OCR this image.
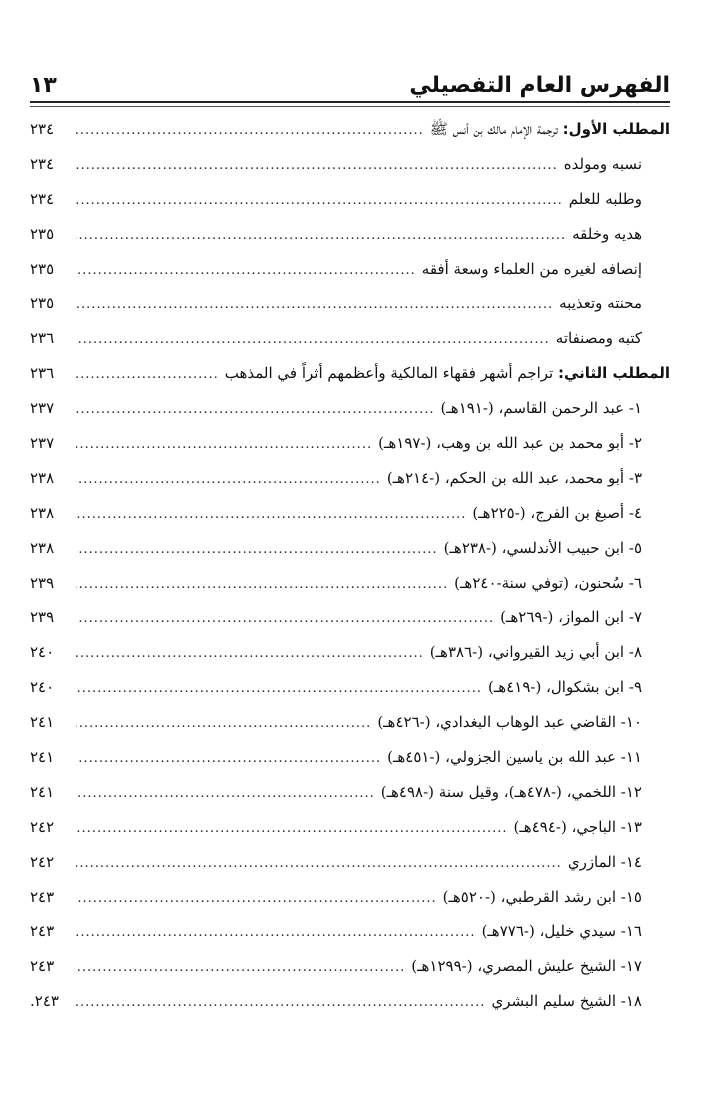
الفهرس العام التفصيلي
١٣
المطلب الأول: ترجمة الإمام مالك بن أنس ﷺ
.....
٢٣٤
نسبه ومولده
.....
٢٣٤
وطلبه للعلم
.....
٢٣٤
هديه وخلقه
.....
٢٣٥
إنصافه لغيره من العلماء وسعة أفقه
.....
٢٣٥
محنته وتعذيبه
.....
٢٣٥
كتبه ومصنفاته
.....
٢٣٦
المطلب الثاني: تراجم أشهر فقهاء المالكية وأعظمهم أثراً في المذهب
.....
٢٣٦
١- عبد الرحمن القاسم، (-١٩١هـ)
.....
٢٣٧
٢- أبو محمد بن عبد الله بن وهب، (-١٩٧هـ)
.....
٢٣٧
٣- أبو محمد، عبد الله بن الحكم، (-٢١٤هـ)
.....
٢٣٨
٤- أصبغ بن الفرج، (-٢٢٥هـ)
.....
٢٣٨
٥- ابن حبيب الأندلسي، (-٢٣٨هـ)
.....
٢٣٨
٦- سُحنون، (توفي سنة-٢٤٠هـ)
.....
٢٣٩
٧- ابن المواز، (-٢٦٩هـ)
.....
٢٣٩
٨- ابن أبي زيد القيرواني، (-٣٨٦هـ)
.....
٢٤٠
٩- ابن بشكوال، (-٤١٩هـ)
.....
٢٤٠
١٠- القاضي عبد الوهاب البغدادي، (-٤٢٦هـ)
.....
٢٤١
١١- عبد الله بن ياسين الجزولي، (-٤٥١هـ)
.....
٢٤١
١٢- اللخمي، (-٤٧٨هـ)، وقيل سنة (-٤٩٨هـ)
.....
٢٤١
١٣- الباجي، (-٤٩٤هـ)
.....
٢٤٢
١٤- المازري
.....
٢٤٢
١٥- ابن رشد القرطبي، (-٥٢٠هـ)
.....
٢٤٣
١٦- سيدي خليل، (-٧٧٦هـ)
.....
٢٤٣
١٧- الشيخ عليش المصري، (-١٢٩٩هـ)
.....
٢٤٣
١٨- الشيخ سليم البشري
.....
٢٤٣.
